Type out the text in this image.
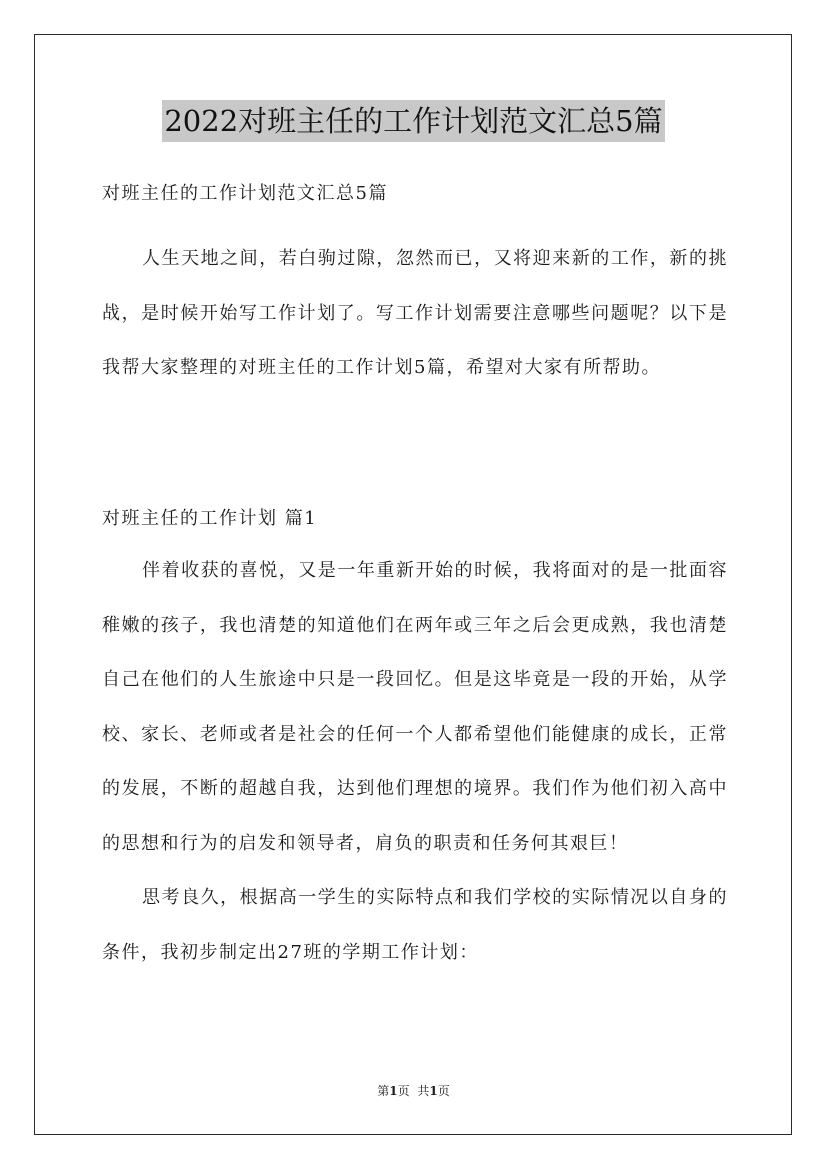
2022对班主任的工作计划范文汇总5篇

对班主任的工作计划范文汇总5篇

人生天地之间，若白驹过隙，忽然而已，又将迎来新的工作，新的挑战，是时候开始写工作计划了。写工作计划需要注意哪些问题呢？以下是我帮大家整理的对班主任的工作计划5篇，希望对大家有所帮助。

对班主任的工作计划 篇1

伴着收获的喜悦，又是一年重新开始的时候，我将面对的是一批面容稚嫩的孩子，我也清楚的知道他们在两年或三年之后会更成熟，我也清楚自己在他们的人生旅途中只是一段回忆。但是这毕竟是一段的开始，从学校、家长、老师或者是社会的任何一个人都希望他们能健康的成长，正常的发展，不断的超越自我，达到他们理想的境界。我们作为他们初入高中的思想和行为的启发和领导者，肩负的职责和任务何其艰巨！

思考良久，根据高一学生的实际特点和我们学校的实际情况以自身的条件，我初步制定出27班的学期工作计划：

第1页 共1页
